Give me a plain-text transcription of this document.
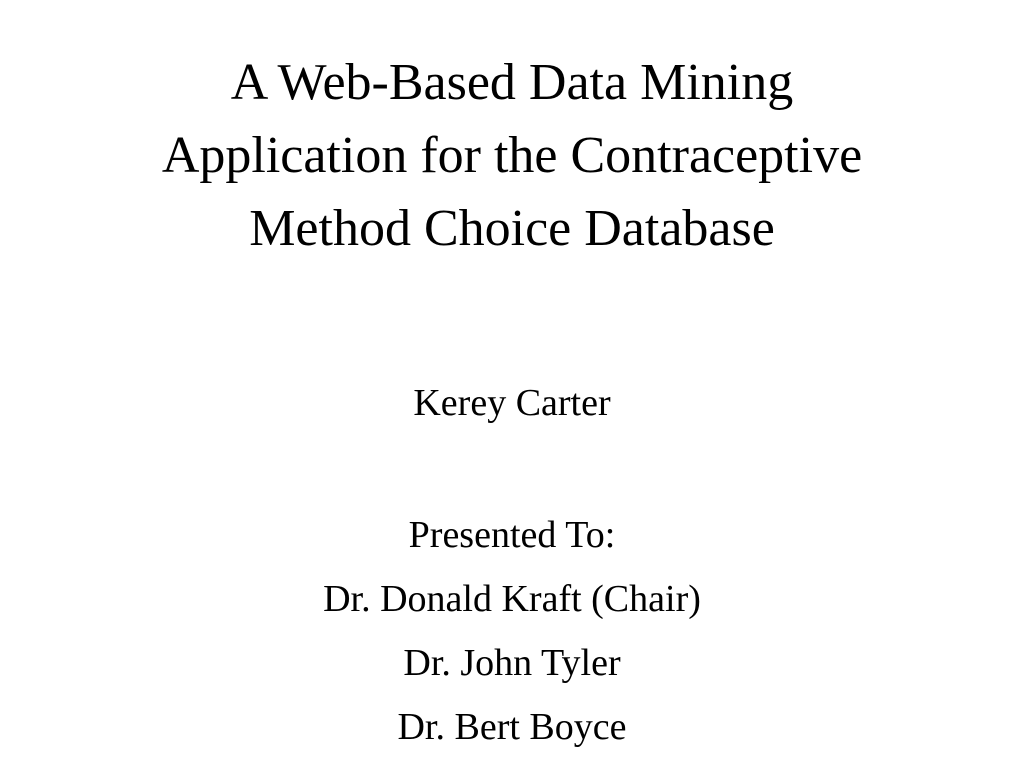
A Web-Based Data Mining
Application for the Contraceptive
Method Choice Database
Kerey Carter
Presented To:
Dr. Donald Kraft (Chair)
Dr. John Tyler
Dr. Bert Boyce
